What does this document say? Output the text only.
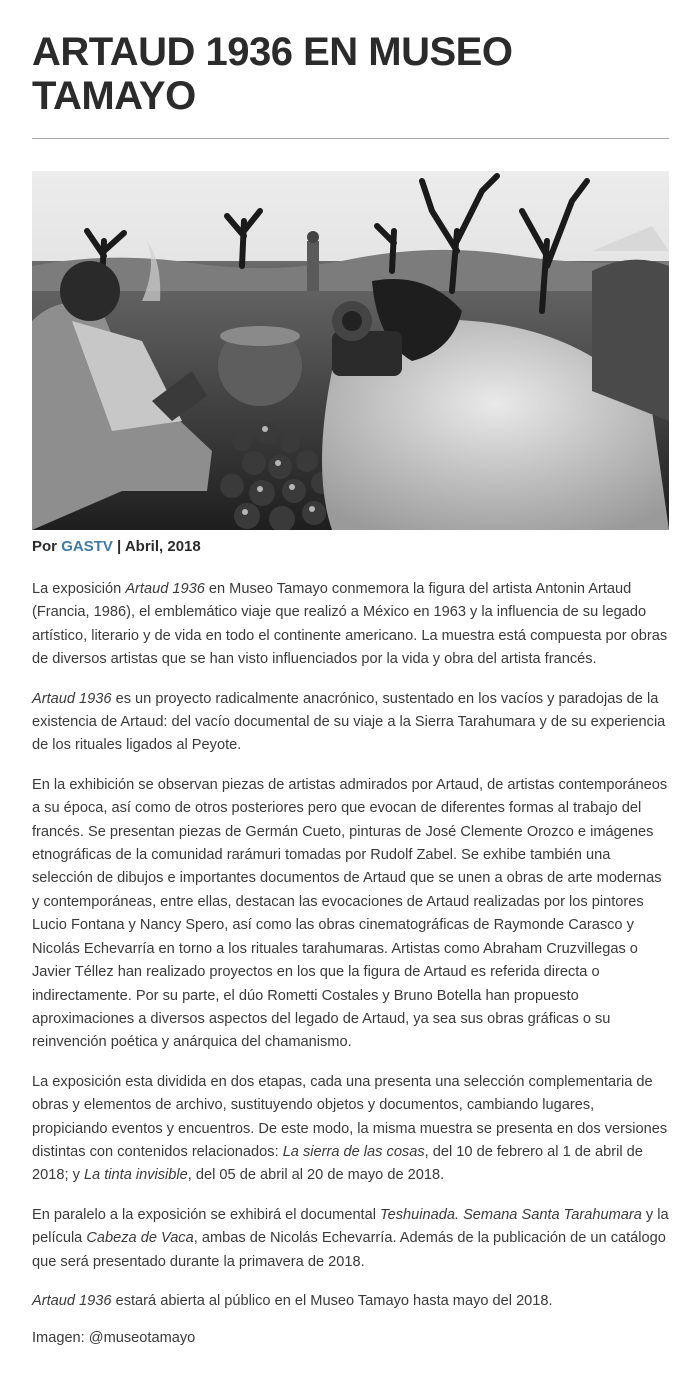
ARTAUD 1936 EN MUSEO TAMAYO
Por GASTV | Abril, 2018

La exposición Artaud 1936 en Museo Tamayo conmemora la figura del artista Antonin Artaud (Francia, 1986), el emblemático viaje que realizó a México en 1963 y la influencia de su legado artístico, literario y de vida en todo el continente americano. La muestra está compuesta por obras de diversos artistas que se han visto influenciados por la vida y obra del artista francés.

Artaud 1936 es un proyecto radicalmente anacrónico, sustentado en los vacíos y paradojas de la existencia de Artaud: del vacío documental de su viaje a la Sierra Tarahumara y de su experiencia de los rituales ligados al Peyote.

En la exhibición se observan piezas de artistas admirados por Artaud, de artistas contemporáneos a su época, así como de otros posteriores pero que evocan de diferentes formas al trabajo del francés. Se presentan piezas de Germán Cueto, pinturas de José Clemente Orozco e imágenes etnográficas de la comunidad rarámuri tomadas por Rudolf Zabel. Se exhibe también una selección de dibujos e importantes documentos de Artaud que se unen a obras de arte modernas y contemporáneas, entre ellas, destacan las evocaciones de Artaud realizadas por los pintores Lucio Fontana y Nancy Spero, así como las obras cinematográficas de Raymonde Carasco y Nicolás Echevarría en torno a los rituales tarahumaras. Artistas como Abraham Cruzvillegas o Javier Téllez han realizado proyectos en los que la figura de Artaud es referida directa o indirectamente. Por su parte, el dúo Rometti Costales y Bruno Botella han propuesto aproximaciones a diversos aspectos del legado de Artaud, ya sea sus obras gráficas o su reinvención poética y anárquica del chamanismo.

La exposición esta dividida en dos etapas, cada una presenta una selección complementaria de obras y elementos de archivo, sustituyendo objetos y documentos, cambiando lugares, propiciando eventos y encuentros. De este modo, la misma muestra se presenta en dos versiones distintas con contenidos relacionados: La sierra de las cosas, del 10 de febrero al 1 de abril de 2018; y La tinta invisible, del 05 de abril al 20 de mayo de 2018.

En paralelo a la exposición se exhibirá el documental Teshuinada. Semana Santa Tarahumara y la película Cabeza de Vaca, ambas de Nicolás Echevarría. Además de la publicación de un catálogo que será presentado durante la primavera de 2018.

Artaud 1936 estará abierta al público en el Museo Tamayo hasta mayo del 2018.

Imagen: @museotamayo
